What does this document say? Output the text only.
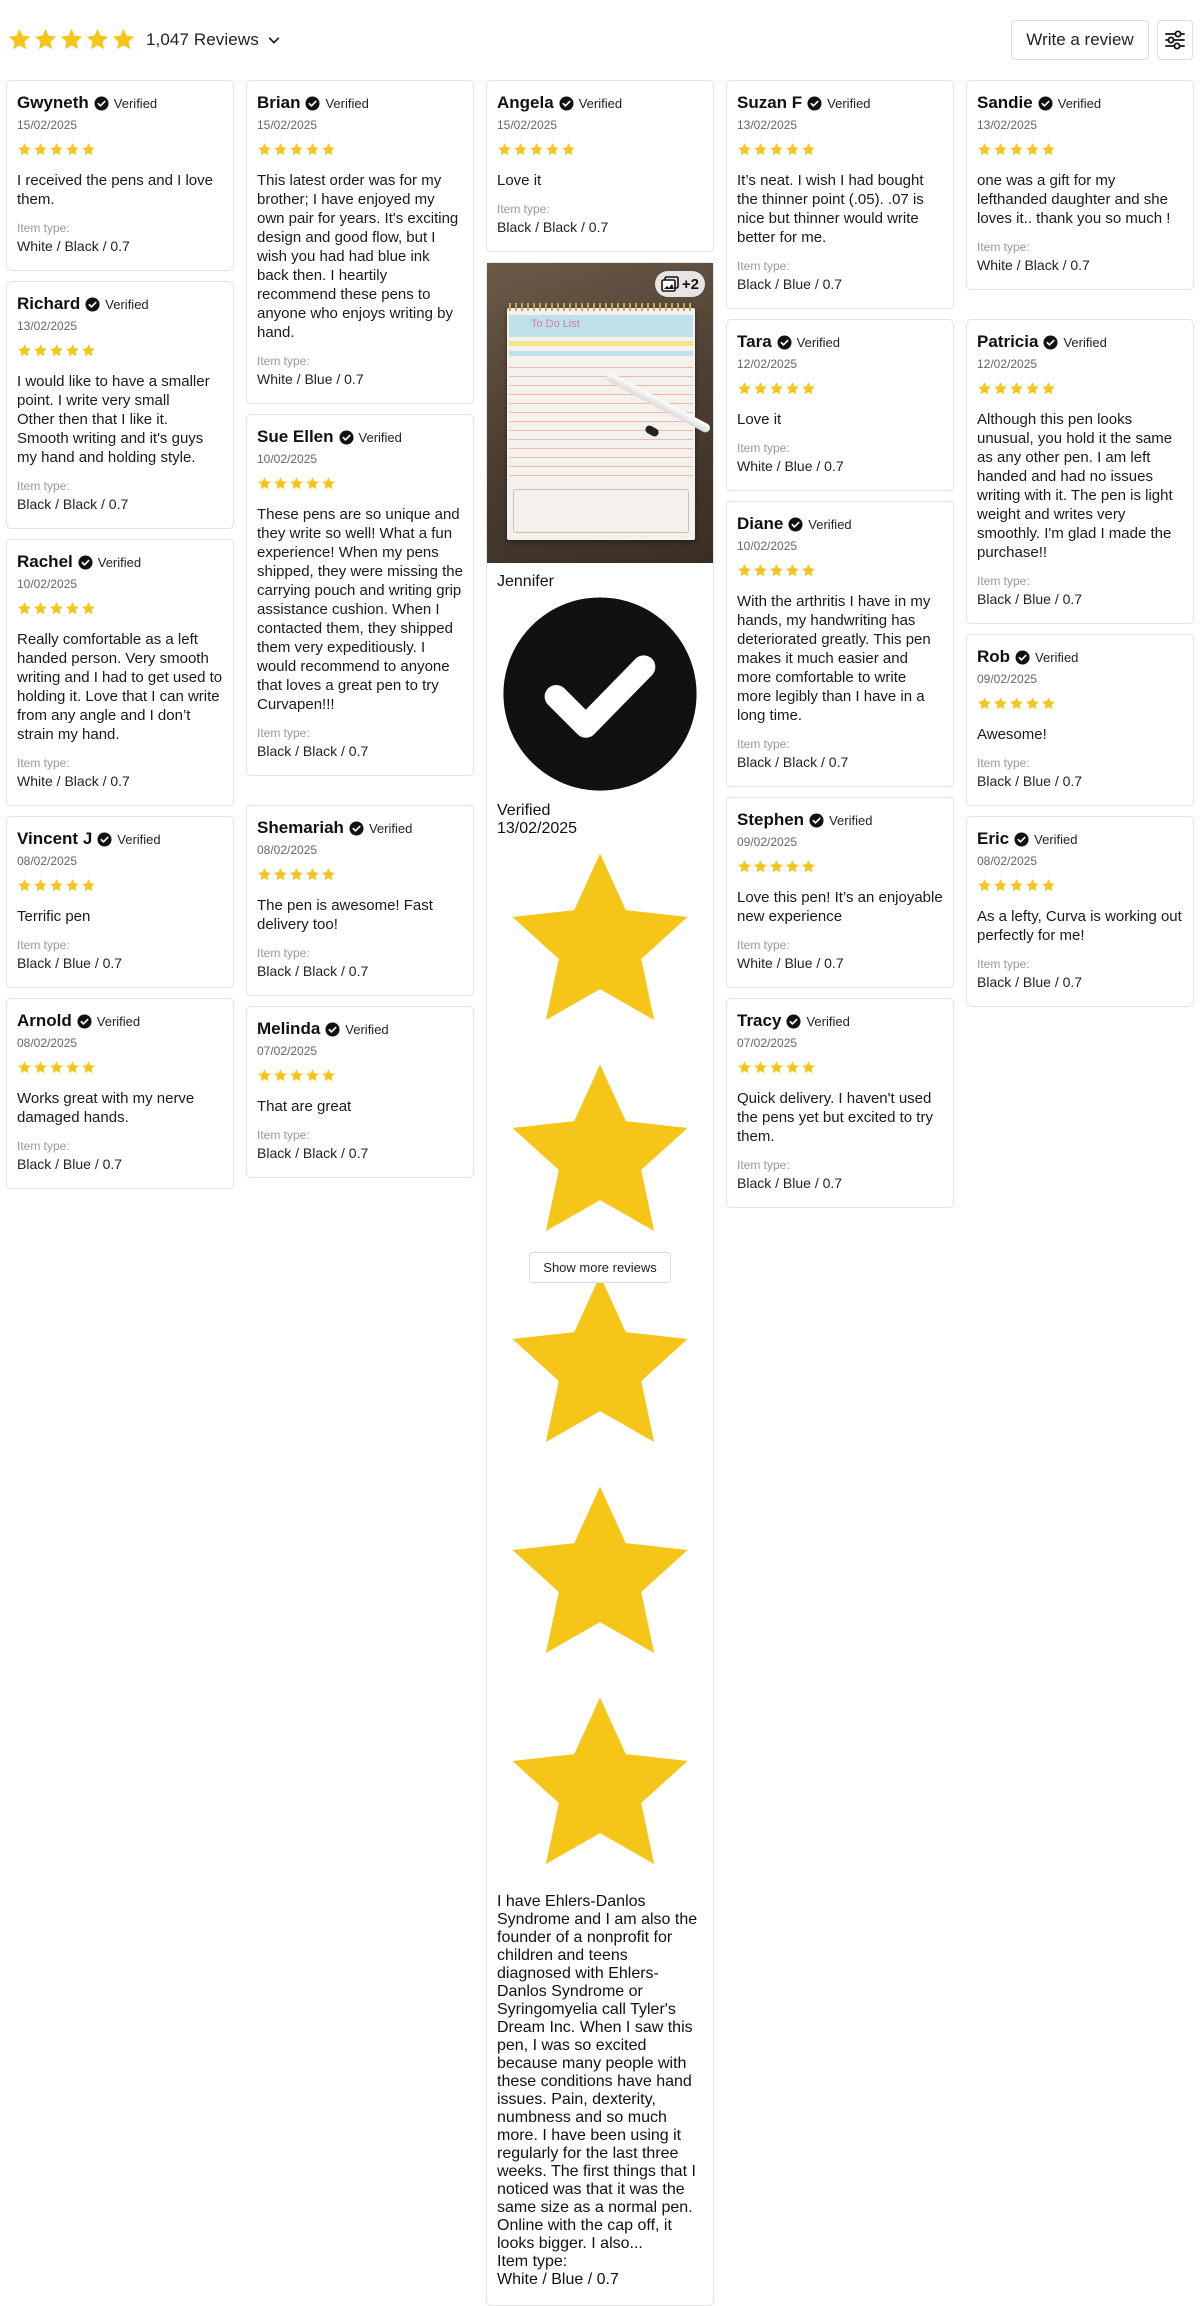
1,047 Reviews	Write a review
Gwyneth Verified
15/02/2025
I received the pens and I love them.
Item type:
White / Black / 0.7
Richard Verified
13/02/2025
I would like to have a smaller point. I write very small
Other then that I like it. Smooth writing and it's guys my hand and holding style.
Item type:
Black / Black / 0.7
Rachel Verified
10/02/2025
Really comfortable as a left handed person. Very smooth writing and I had to get used to holding it. Love that I can write from any angle and I don’t strain my hand.
Item type:
White / Black / 0.7
Vincent J Verified
08/02/2025
Terrific pen
Item type:
Black / Blue / 0.7
Arnold Verified
08/02/2025
Works great with my nerve damaged hands.
Item type:
Black / Blue / 0.7
Brian Verified
15/02/2025
This latest order was for my brother; I have enjoyed my own pair for years. It's exciting design and good flow, but I wish you had had blue ink back then. I heartily recommend these pens to anyone who enjoys writing by hand.
Item type:
White / Blue / 0.7
Sue Ellen Verified
10/02/2025
These pens are so unique and they write so well! What a fun experience! When my pens shipped, they were missing the carrying pouch and writing grip assistance cushion. When I contacted them, they shipped them very expeditiously. I would recommend to anyone that loves a great pen to try Curvapen!!!
Item type:
Black / Black / 0.7
Shemariah Verified
08/02/2025
The pen is awesome! Fast delivery too!
Item type:
Black / Black / 0.7
Melinda Verified
07/02/2025
That are great
Item type:
Black / Black / 0.7
Angela Verified
15/02/2025
Love it
Item type:
Black / Black / 0.7
To Do List
+2
Jennifer  Verified
13/02/2025
I have Ehlers-Danlos Syndrome and I am also the founder of a nonprofit for children and teens diagnosed with Ehlers-Danlos Syndrome or Syringomyelia call Tyler's Dream Inc. When I saw this pen, I was so excited because many people with these conditions have hand issues. Pain, dexterity, numbness and so much more. I have been using it regularly for the last three weeks. The first things that I noticed was that it was the same size as a normal pen. Online with the cap off, it looks bigger. I also...
Item type:
White / Blue / 0.7
Suzan F Verified
13/02/2025
It’s neat. I wish I had bought the thinner point (.05). .07 is nice but thinner would write better for me.
Item type:
Black / Blue / 0.7
Tara Verified
12/02/2025
Love it
Item type:
White / Blue / 0.7
Diane Verified
10/02/2025
With the arthritis I have in my hands, my handwriting has deteriorated greatly. This pen makes it much easier and more comfortable to write more legibly than I have in a long time.
Item type:
Black / Black / 0.7
Stephen Verified
09/02/2025
Love this pen! It’s an enjoyable new experience
Item type:
White / Blue / 0.7
Tracy Verified
07/02/2025
Quick delivery. I haven't used the pens yet but excited to try them.
Item type:
Black / Blue / 0.7
Sandie Verified
13/02/2025
one was a gift for my lefthanded daughter and she loves it.. thank you so much !
Item type:
White / Black / 0.7
Patricia Verified
12/02/2025
Although this pen looks unusual, you hold it the same as any other pen. I am left handed and had no issues writing with it. The pen is light weight and writes very smoothly. I'm glad I made the purchase!!
Item type:
Black / Blue / 0.7
Rob Verified
09/02/2025
Awesome!
Item type:
Black / Blue / 0.7
Eric Verified
08/02/2025
As a lefty, Curva is working out perfectly for me!
Item type:
Black / Blue / 0.7
Show more reviews
